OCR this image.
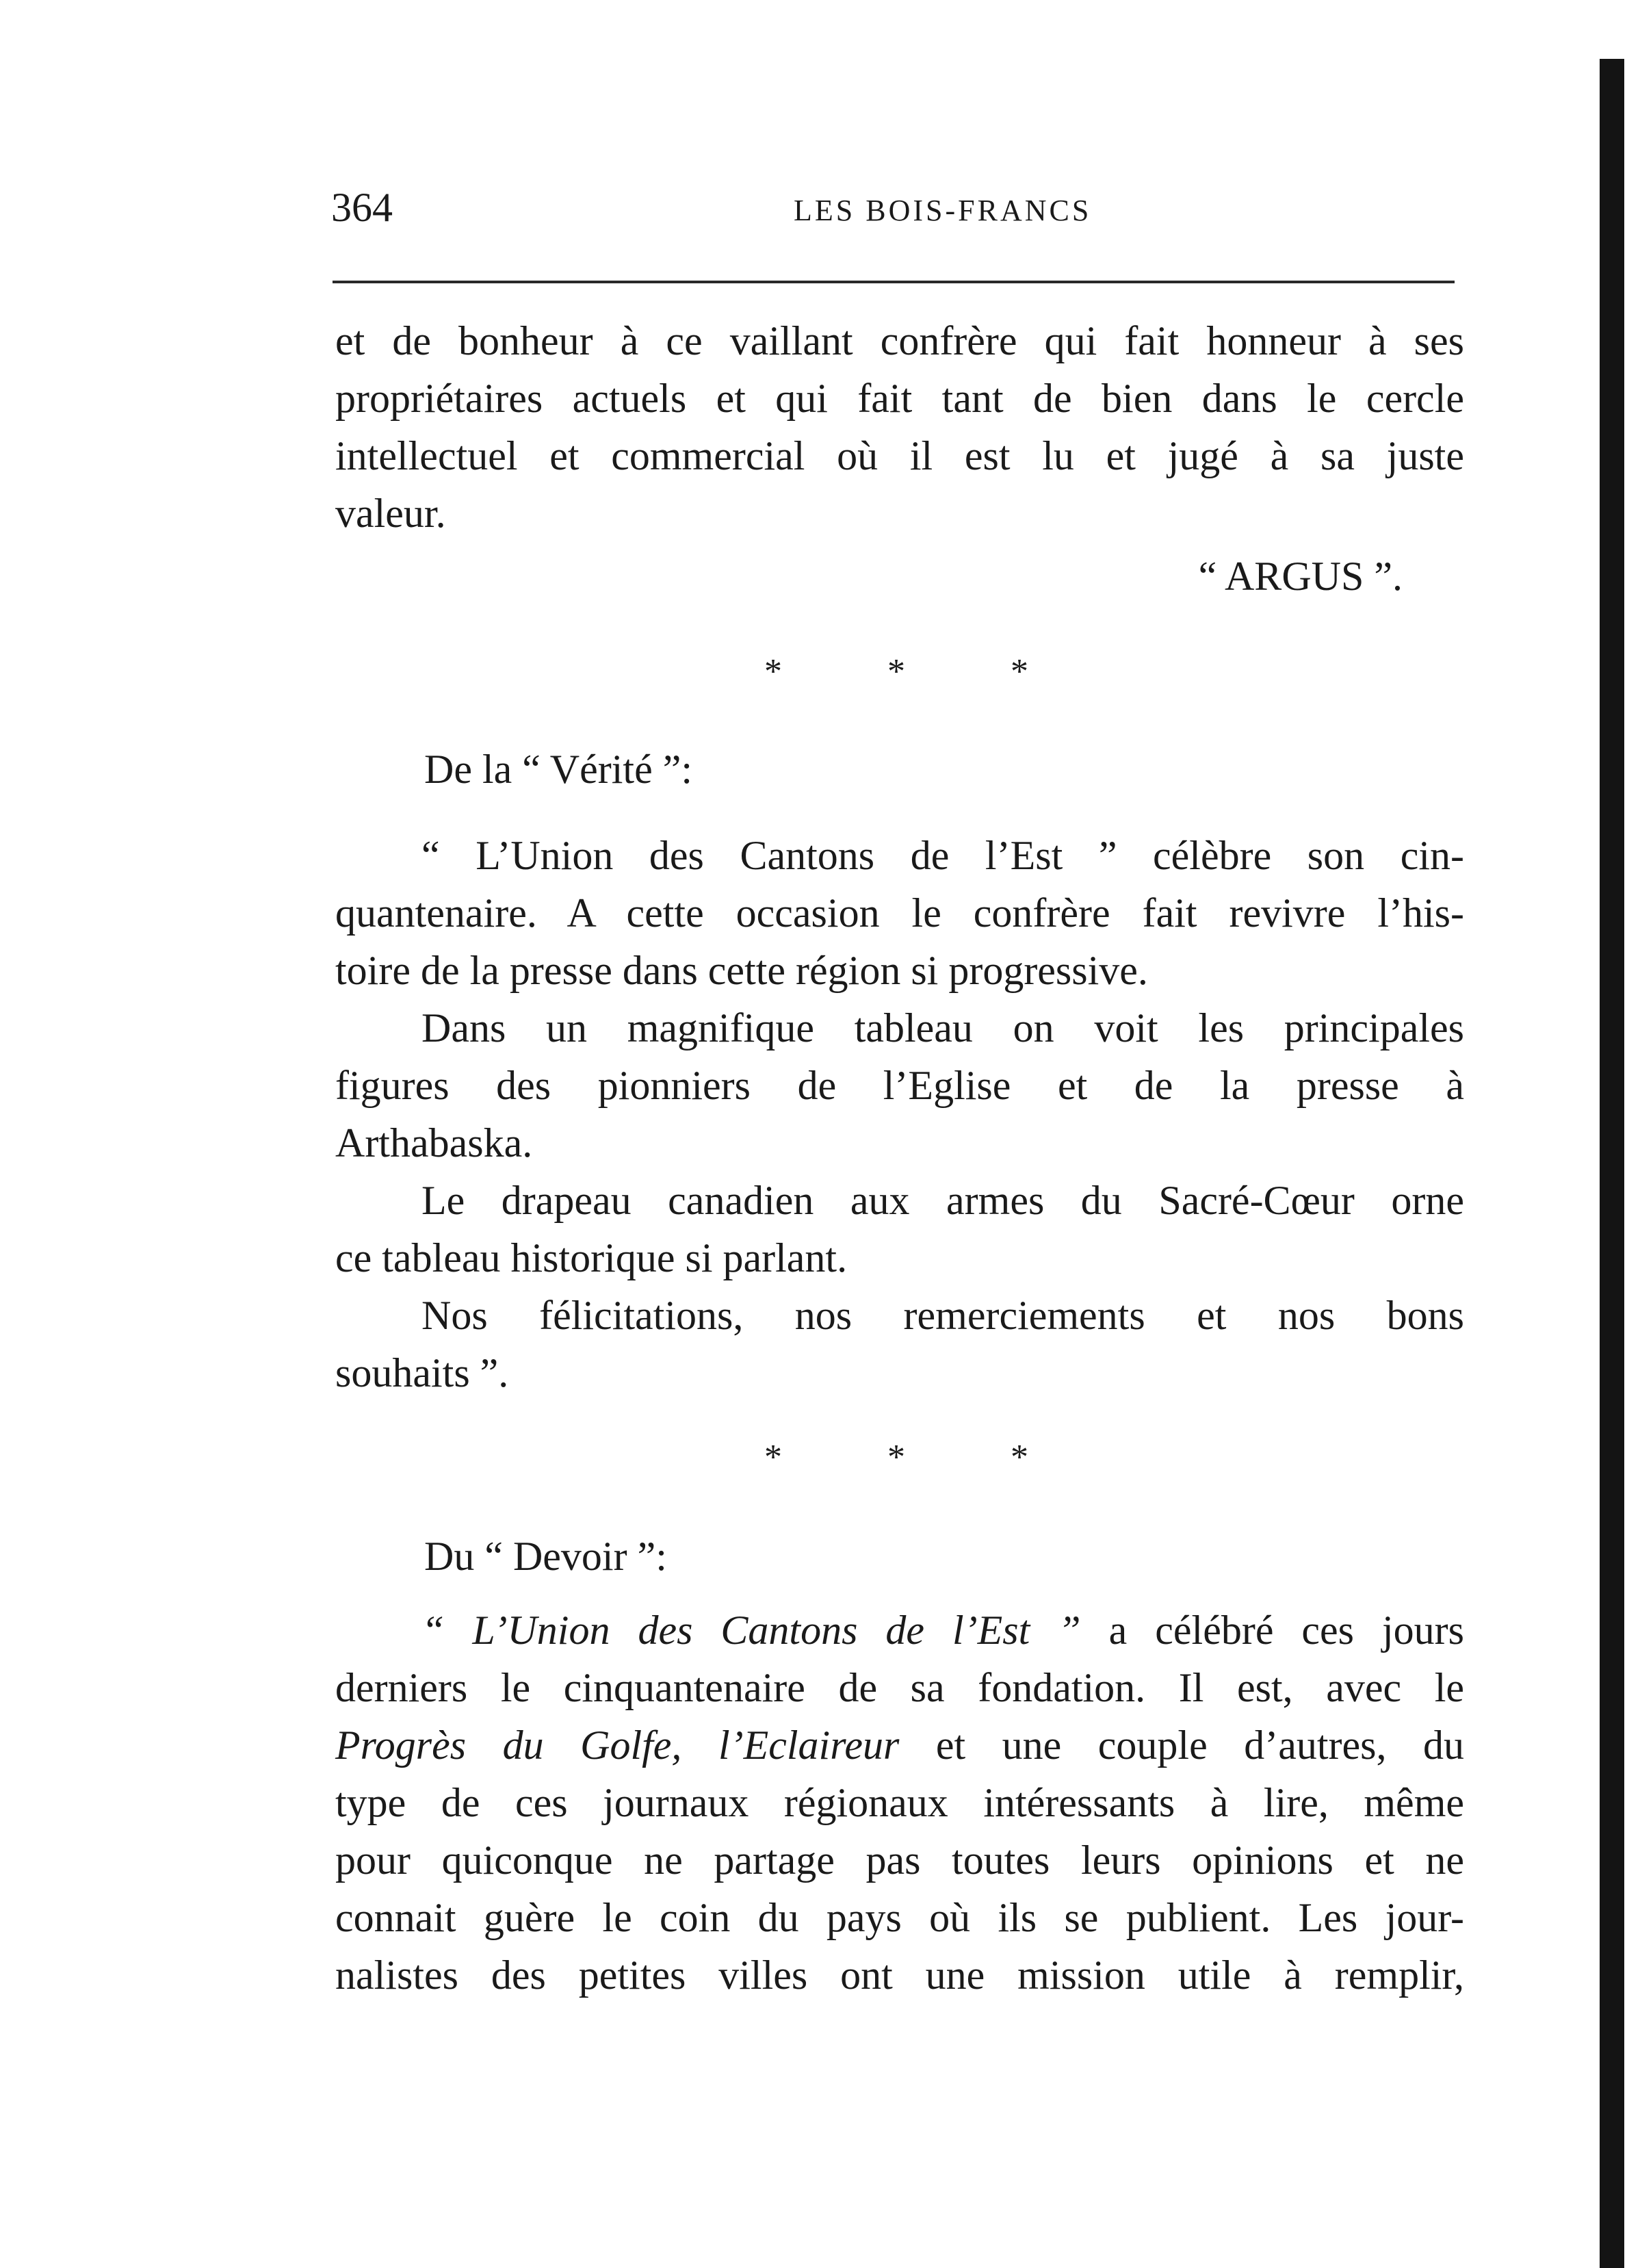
364	LES BOIS-FRANCS
et de bonheur à ce vaillant confrère qui fait honneur à ses
propriétaires actuels et qui fait tant de bien dans le cercle
intellectuel et commercial où il est lu et jugé à sa juste
valeur.
“ ARGUS ”.
*	*	*
De la “ Vérité ”:
“ L’Union des Cantons de l’Est ” célèbre son cin-
quantenaire. A cette occasion le confrère fait revivre l’his-
toire de la presse dans cette région si progressive.
Dans un magnifique tableau on voit les principales
figures des pionniers de l’Eglise et de la presse à
Arthabaska.
Le drapeau canadien aux armes du Sacré-Cœur orne
ce tableau historique si parlant.
Nos félicitations, nos remerciements et nos bons
souhaits ”.
*	*	*
Du “ Devoir ”:
“ L’Union des Cantons de l’Est ” a célébré ces jours
derniers le cinquantenaire de sa fondation. Il est, avec le
Progrès du Golfe, l’Eclaireur et une couple d’autres, du
type de ces journaux régionaux intéressants à lire, même
pour quiconque ne partage pas toutes leurs opinions et ne
connait guère le coin du pays où ils se publient. Les jour-
nalistes des petites villes ont une mission utile à remplir,
